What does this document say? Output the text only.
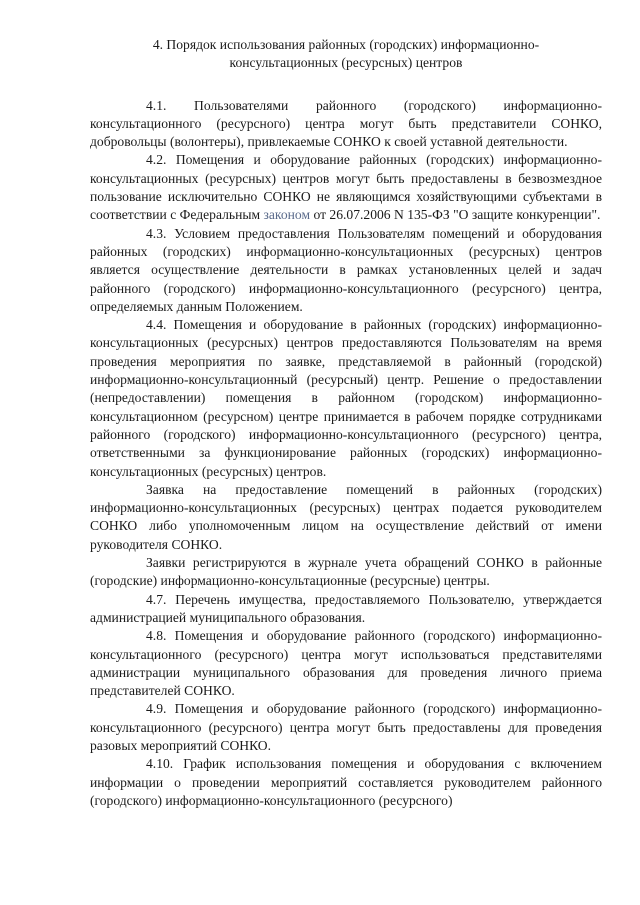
4. Порядок использования районных (городских) информационно-
консультационных (ресурсных) центров

4.1. Пользователями районного (городского) информационно-консультационного (ресурсного) центра могут быть представители СОНКО, добровольцы (волонтеры), привлекаемые СОНКО к своей уставной деятельности.

4.2. Помещения и оборудование районных (городских) информационно-консультационных (ресурсных) центров могут быть предоставлены в безвозмездное пользование исключительно СОНКО не являющимся хозяйствующими субъектами в соответствии с Федеральным законом от 26.07.2006 N 135-ФЗ "О защите конкуренции".

4.3. Условием предоставления Пользователям помещений и оборудования районных (городских) информационно-консультационных (ресурсных) центров является осуществление деятельности в рамках установленных целей и задач районного (городского) информационно-консультационного (ресурсного) центра, определяемых данным Положением.

4.4. Помещения и оборудование в районных (городских) информационно-консультационных (ресурсных) центров предоставляются Пользователям на время проведения мероприятия по заявке, представляемой в районный (городской) информационно-консультационный (ресурсный) центр. Решение о предоставлении (непредоставлении) помещения в районном (городском) информационно-консультационном (ресурсном) центре принимается в рабочем порядке сотрудниками районного (городского) информационно-консультационного (ресурсного) центра, ответственными за функционирование районных (городских) информационно-консультационных (ресурсных) центров.

Заявка на предоставление помещений в районных (городских) информационно-консультационных (ресурсных) центрах подается руководителем СОНКО либо уполномоченным лицом на осуществление действий от имени руководителя СОНКО.

Заявки регистрируются в журнале учета обращений СОНКО в районные (городские) информационно-консультационные (ресурсные) центры.

4.7. Перечень имущества, предоставляемого Пользователю, утверждается администрацией муниципального образования.

4.8. Помещения и оборудование районного (городского) информационно-консультационного (ресурсного) центра могут использоваться представителями администрации муниципального образования для проведения личного приема представителей СОНКО.

4.9. Помещения и оборудование районного (городского) информационно-консультационного (ресурсного) центра могут быть предоставлены для проведения разовых мероприятий СОНКО.

4.10. График использования помещения и оборудования с включением информации о проведении мероприятий составляется руководителем районного (городского) информационно-консультационного (ресурсного)
